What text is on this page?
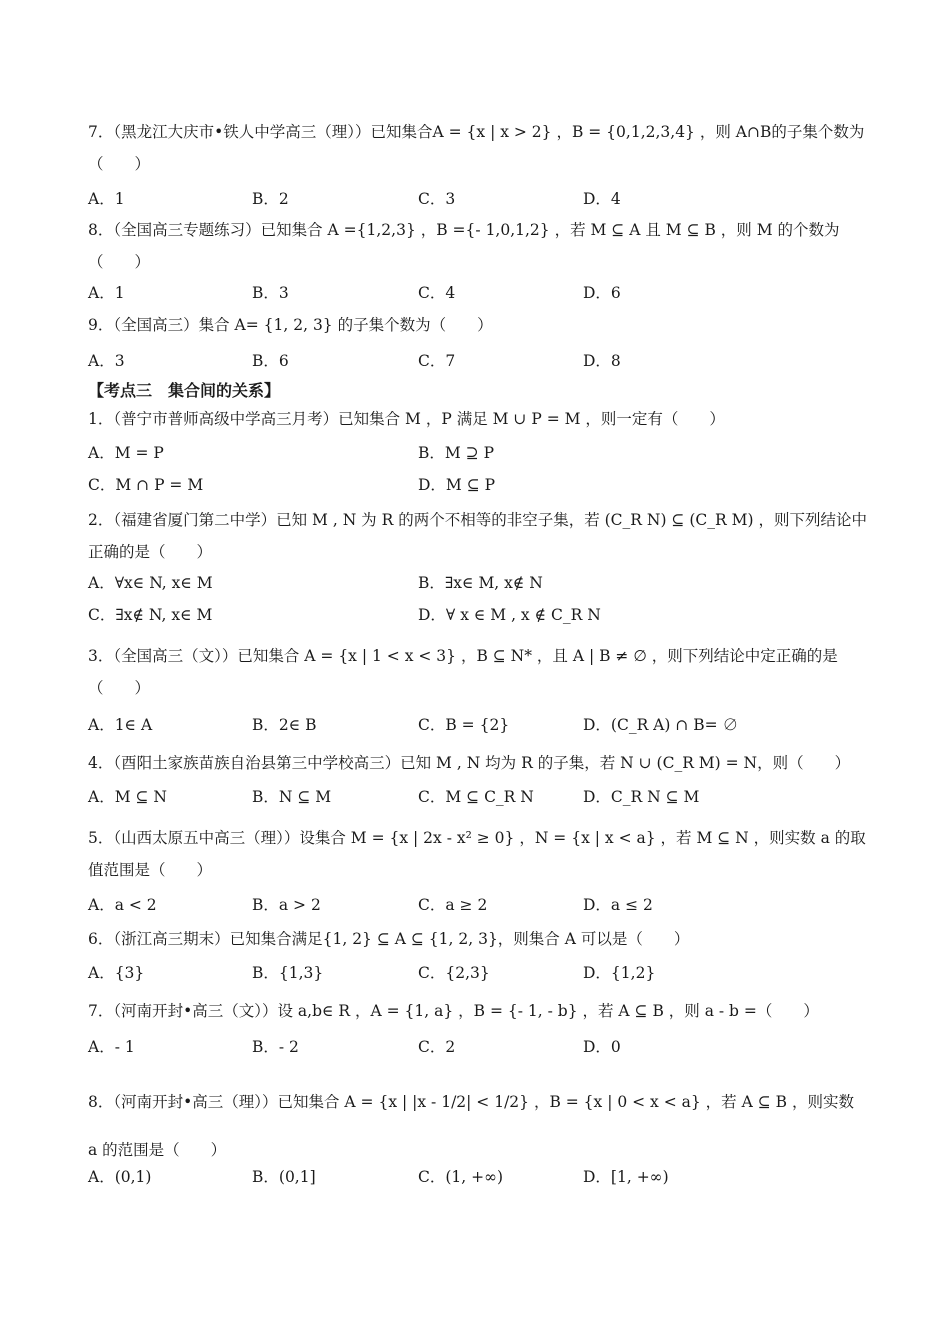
7．（黑龙江大庆市•铁人中学高三（理））已知集合A = {x | x > 2} ，B = {0,1,2,3,4} ，则 A∩B的子集个数为（　　）
A．1	B．2	C．3	D．4
8．（全国高三专题练习）已知集合 A ={1,2,3} ，B ={- 1,0,1,2} ，若 M ⊆ A 且 M ⊆ B ，则 M 的个数为（　　）
A．1	B．3	C．4	D．6
9．（全国高三）集合 A= {1, 2, 3} 的子集个数为（　　）
A．3	B．6	C．7	D．8
【考点三　集合间的关系】
1．（普宁市普师高级中学高三月考）已知集合 M ，P 满足 M ∪ P = M ，则一定有（　　）
A．M = P	B．M ⊇ P
C．M ∩ P = M	D．M ⊆ P
2．（福建省厦门第二中学）已知 M , N 为 R 的两个不相等的非空子集，若 (C_R N) ⊆ (C_R M) ，则下列结论中正确的是（　　）
A．∀x∈ N, x∈ M	B．∃x∈ M, x∉ N
C．∃x∉ N, x∈ M	D．∀ x ∈ M , x ∉ C_R N
3．（全国高三（文））已知集合 A = {x | 1 < x < 3} ，B ⊆ N* ，且 A | B ≠ ∅ ，则下列结论中定正确的是（　　）
A．1∈ A	B．2∈ B	C．B = {2}	D．(C_R A) ∩ B= ∅
4．（酉阳土家族苗族自治县第三中学校高三）已知 M , N 均为 R 的子集，若 N ∪ (C_R M) = N，则（　　）
A．M ⊆ N	B．N ⊆ M	C．M ⊆ C_R N	D．C_R N ⊆ M
5．（山西太原五中高三（理））设集合 M = {x | 2x - x² ≥ 0} ，N = {x | x < a} ，若 M ⊆ N ，则实数 a 的取值范围是（　　）
A．a < 2	B．a > 2	C．a ≥ 2	D．a ≤ 2
6．（浙江高三期末）已知集合满足{1, 2} ⊆ A ⊆ {1, 2, 3}，则集合 A 可以是（　　）
A．{3}	B．{1,3}	C．{2,3}	D．{1,2}
7．（河南开封•高三（文））设 a,b∈ R ，A = {1, a} ，B = {- 1, - b} ，若 A ⊆ B ，则 a - b =（　　）
A．- 1	B．- 2	C．2	D．0
8．（河南开封•高三（理））已知集合 A = {x | |x - 1/2| < 1/2} ，B = {x | 0 < x < a} ，若 A ⊆ B ，则实数 a 的范围是（　　）
A．(0,1)	B．(0,1]	C．(1, +∞)	D．[1, +∞)
